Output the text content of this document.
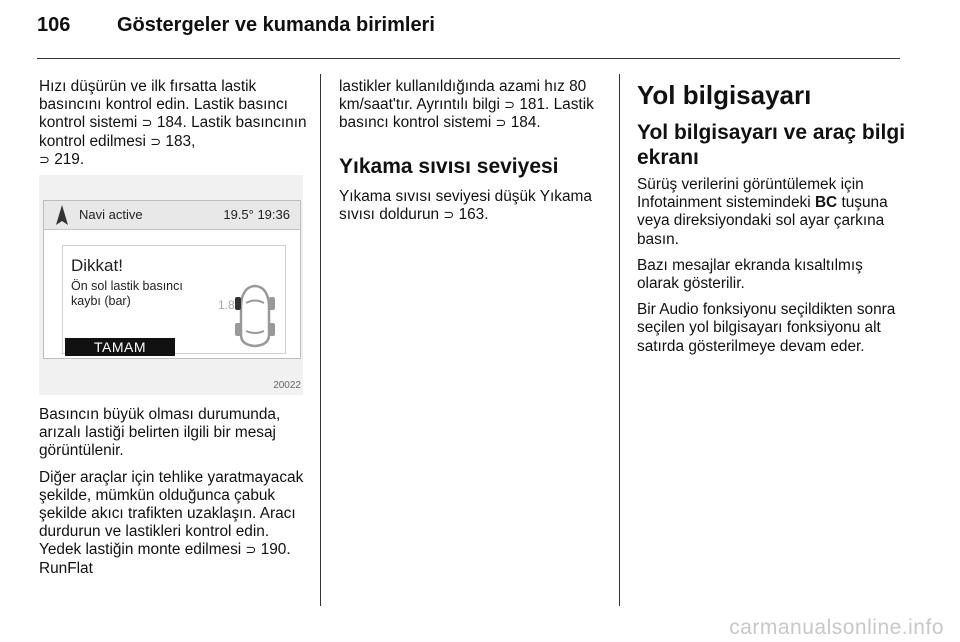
106	Göstergeler ve kumanda birimleri

Hızı düşürün ve ilk fırsatta lastik basıncını kontrol edin. Lastik basıncı kontrol sistemi ⊃ 184. Lastik basıncının kontrol edilmesi ⊃ 183,
⊃ 219.

Navi active	19.5° 19:36
Dikkat!
Ön sol lastik basıncı kaybı (bar)	1.8
TAMAM
20022

Basıncın büyük olması durumunda, arızalı lastiği belirten ilgili bir mesaj görüntülenir.

Diğer araçlar için tehlike yaratmayacak şekilde, mümkün olduğunca çabuk şekilde akıcı trafikten uzaklaşın. Aracı durdurun ve lastikleri kontrol edin. Yedek lastiğin monte edilmesi ⊃ 190. RunFlat

lastikler kullanıldığında azami hız 80 km/saat'tır. Ayrıntılı bilgi ⊃ 181. Lastik basıncı kontrol sistemi ⊃ 184.

Yıkama sıvısı seviyesi

Yıkama sıvısı seviyesi düşük Yıkama sıvısı doldurun ⊃ 163.

Yol bilgisayarı
Yol bilgisayarı ve araç bilgi ekranı

Sürüş verilerini görüntülemek için Infotainment sistemindeki BC tuşuna veya direksiyondaki sol ayar çarkına basın.

Bazı mesajlar ekranda kısaltılmış olarak gösterilir.

Bir Audio fonksiyonu seçildikten sonra seçilen yol bilgisayarı fonksiyonu alt satırda gösterilmeye devam eder.

carmanualsonline.info
